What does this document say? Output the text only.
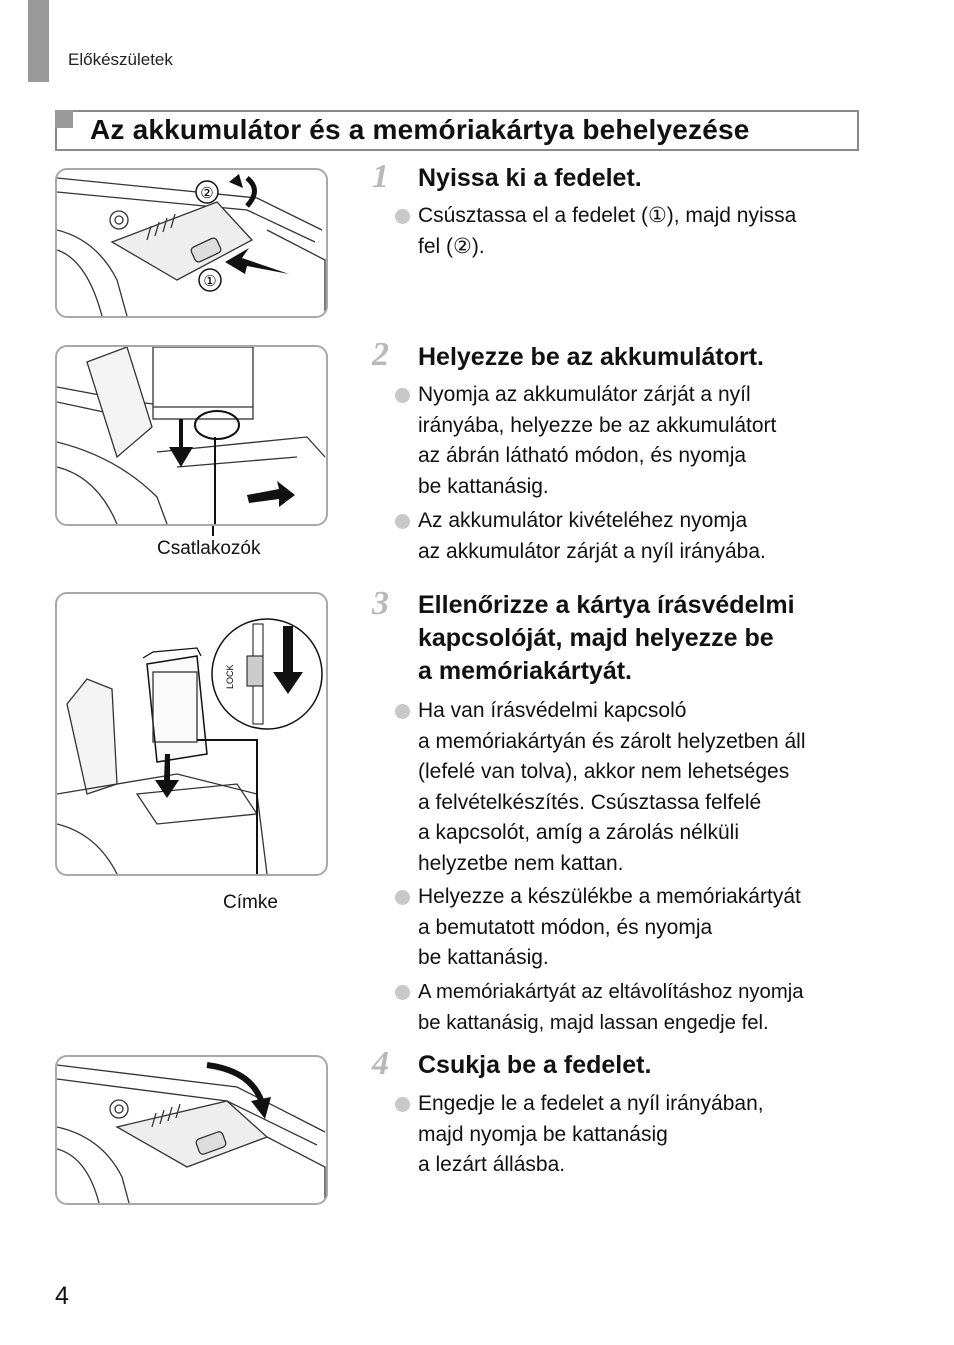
Előkészületek
Az akkumulátor és a memóriakártya behelyezése
②
①
Csatlakozók
LOCK
Címke
1 Nyissa ki a fedelet.
Csúsztassa el a fedelet (①), majd nyissa
fel (②).
2 Helyezze be az akkumulátort.
Nyomja az akkumulátor zárját a nyíl
irányába, helyezze be az akkumulátort
az ábrán látható módon, és nyomja
be kattanásig.
Az akkumulátor kivételéhez nyomja
az akkumulátor zárját a nyíl irányába.
3 Ellenőrizze a kártya írásvédelmi
kapcsolóját, majd helyezze be
a memóriakártyát.
Ha van írásvédelmi kapcsoló
a memóriakártyán és zárolt helyzetben áll
(lefelé van tolva), akkor nem lehetséges
a felvételkészítés. Csúsztassa felfelé
a kapcsolót, amíg a zárolás nélküli
helyzetbe nem kattan.
Helyezze a készülékbe a memóriakártyát
a bemutatott módon, és nyomja
be kattanásig.
A memóriakártyát az eltávolításhoz nyomja
be kattanásig, majd lassan engedje fel.
4 Csukja be a fedelet.
Engedje le a fedelet a nyíl irányában,
majd nyomja be kattanásig
a lezárt állásba.
4
